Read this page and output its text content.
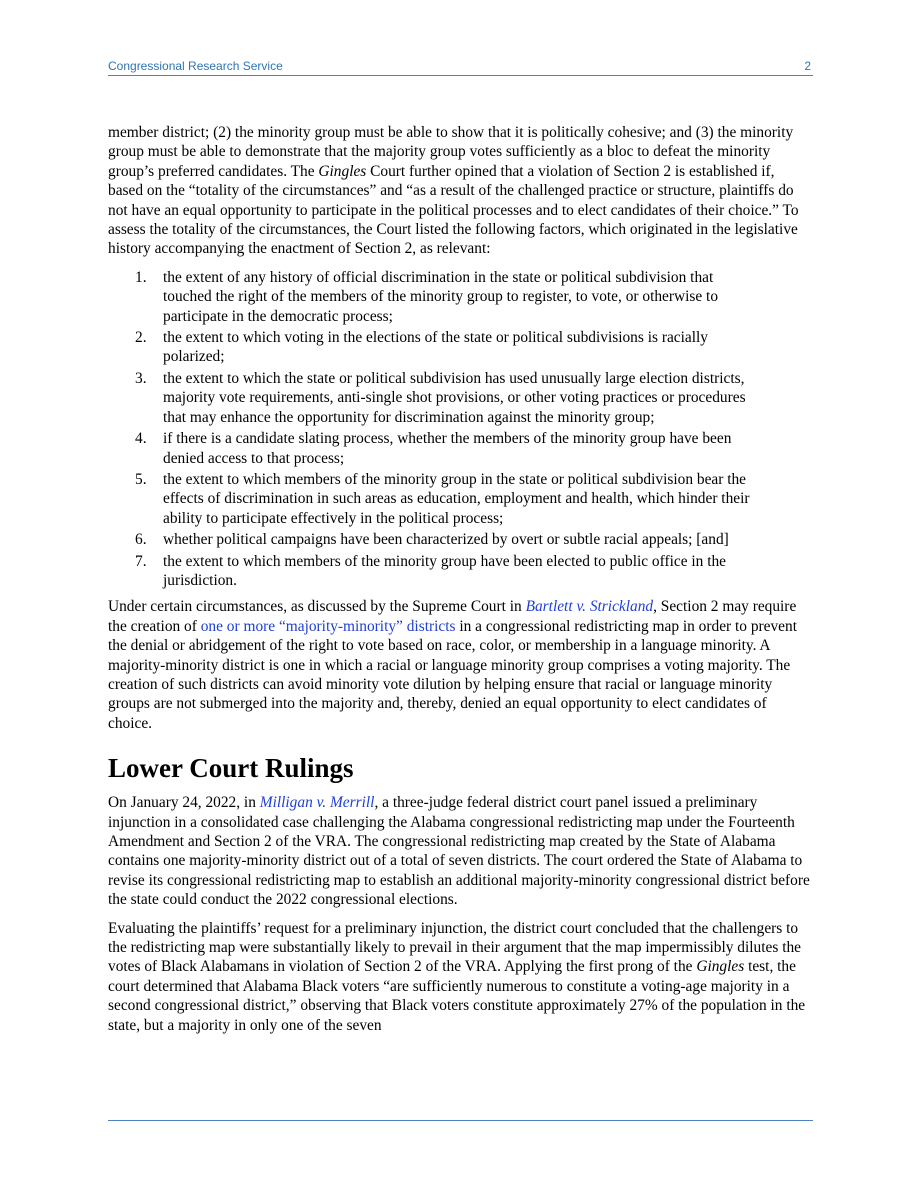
Congressional Research Service	2

member district; (2) the minority group must be able to show that it is politically cohesive; and (3) the minority group must be able to demonstrate that the majority group votes sufficiently as a bloc to defeat the minority group’s preferred candidates. The Gingles Court further opined that a violation of Section 2 is established if, based on the “totality of the circumstances” and “as a result of the challenged practice or structure, plaintiffs do not have an equal opportunity to participate in the political processes and to elect candidates of their choice.” To assess the totality of the circumstances, the Court listed the following factors, which originated in the legislative history accompanying the enactment of Section 2, as relevant:

1. the extent of any history of official discrimination in the state or political subdivision that touched the right of the members of the minority group to register, to vote, or otherwise to participate in the democratic process;
2. the extent to which voting in the elections of the state or political subdivisions is racially polarized;
3. the extent to which the state or political subdivision has used unusually large election districts, majority vote requirements, anti-single shot provisions, or other voting practices or procedures that may enhance the opportunity for discrimination against the minority group;
4. if there is a candidate slating process, whether the members of the minority group have been denied access to that process;
5. the extent to which members of the minority group in the state or political subdivision bear the effects of discrimination in such areas as education, employment and health, which hinder their ability to participate effectively in the political process;
6. whether political campaigns have been characterized by overt or subtle racial appeals; [and]
7. the extent to which members of the minority group have been elected to public office in the jurisdiction.

Under certain circumstances, as discussed by the Supreme Court in Bartlett v. Strickland, Section 2 may require the creation of one or more “majority-minority” districts in a congressional redistricting map in order to prevent the denial or abridgement of the right to vote based on race, color, or membership in a language minority. A majority-minority district is one in which a racial or language minority group comprises a voting majority. The creation of such districts can avoid minority vote dilution by helping ensure that racial or language minority groups are not submerged into the majority and, thereby, denied an equal opportunity to elect candidates of choice.

Lower Court Rulings

On January 24, 2022, in Milligan v. Merrill, a three-judge federal district court panel issued a preliminary injunction in a consolidated case challenging the Alabama congressional redistricting map under the Fourteenth Amendment and Section 2 of the VRA. The congressional redistricting map created by the State of Alabama contains one majority-minority district out of a total of seven districts. The court ordered the State of Alabama to revise its congressional redistricting map to establish an additional majority-minority congressional district before the state could conduct the 2022 congressional elections.

Evaluating the plaintiffs’ request for a preliminary injunction, the district court concluded that the challengers to the redistricting map were substantially likely to prevail in their argument that the map impermissibly dilutes the votes of Black Alabamans in violation of Section 2 of the VRA. Applying the first prong of the Gingles test, the court determined that Alabama Black voters “are sufficiently numerous to constitute a voting-age majority in a second congressional district,” observing that Black voters constitute approximately 27% of the population in the state, but a majority in only one of the seven
